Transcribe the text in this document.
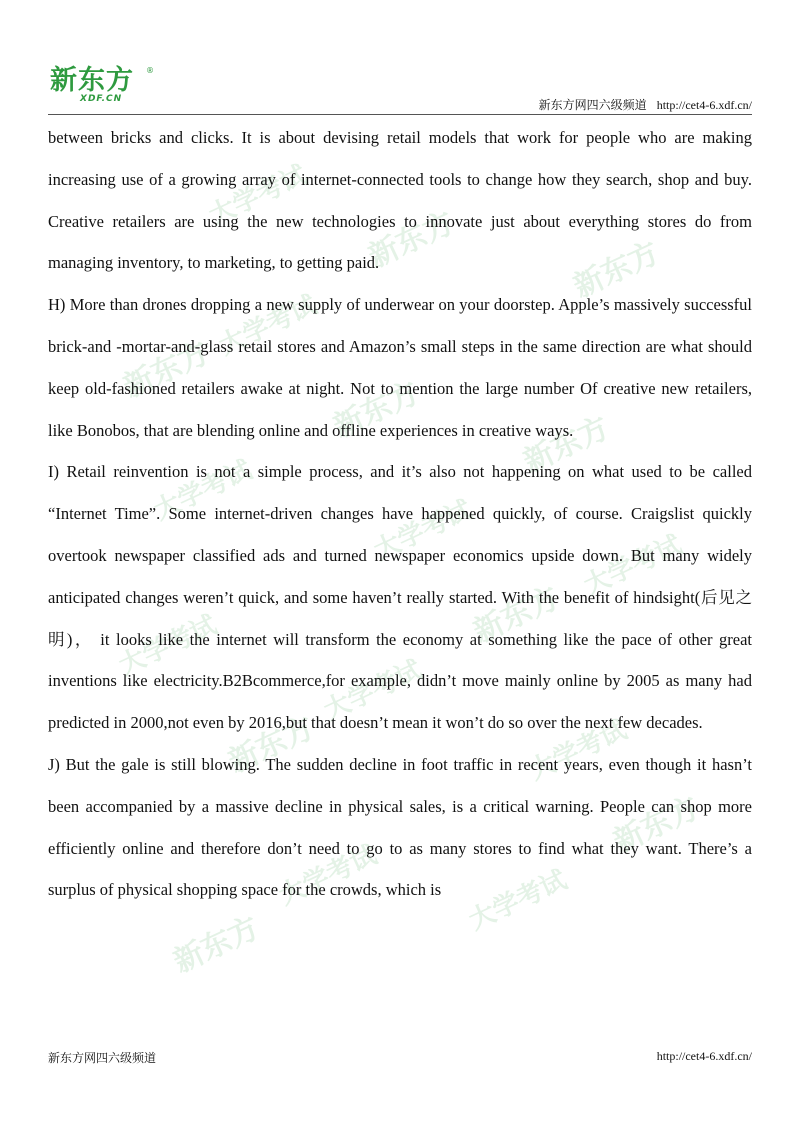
新东方
XDF.CN
®
新东方网四六级频道 http://cet4-6.xdf.cn/
大学考试
新东方	新东方
大学考试
新东方
新东方
新东方
大学考试
大学考试	大学考试
新东方
大学考试
大学考试
新东方	大学考试
新东方
大学考试	大学考试
新东方

between bricks and clicks. It is about devising retail models that work for people who are making increasing use of a growing array of internet-connected tools to change how they search, shop and buy. Creative retailers are using the new technologies to innovate just about everything stores do from managing inventory, to marketing, to getting paid.

H) More than drones dropping a new supply of underwear on your doorstep. Apple’s massively successful brick-and -mortar-and-glass retail stores and Amazon’s small steps in the same direction are what should keep old-fashioned retailers awake at night. Not to mention the large number Of creative new retailers, like Bonobos, that are blending online and offline experiences in creative ways.

I) Retail reinvention is not a simple process, and it’s also not happening on what used to be called “Internet Time”. Some internet-driven changes have happened quickly, of course. Craigslist quickly overtook newspaper classified ads and turned newspaper economics upside down. But many widely anticipated changes weren’t quick, and some haven’t really started. With the benefit of hindsight(后见之明)， it looks like the internet will transform the economy at something like the pace of other great inventions like electricity.B2Bcommerce,for example, didn’t move mainly online by 2005 as many had predicted in 2000,not even by 2016,but that doesn’t mean it won’t do so over the next few decades.

J) But the gale is still blowing. The sudden decline in foot traffic in recent years, even though it hasn’t been accompanied by a massive decline in physical sales, is a critical warning. People can shop more efficiently online and therefore don’t need to go to as many stores to find what they want. There’s a surplus of physical shopping space for the crowds, which is

新东方网四六级频道	http://cet4-6.xdf.cn/
